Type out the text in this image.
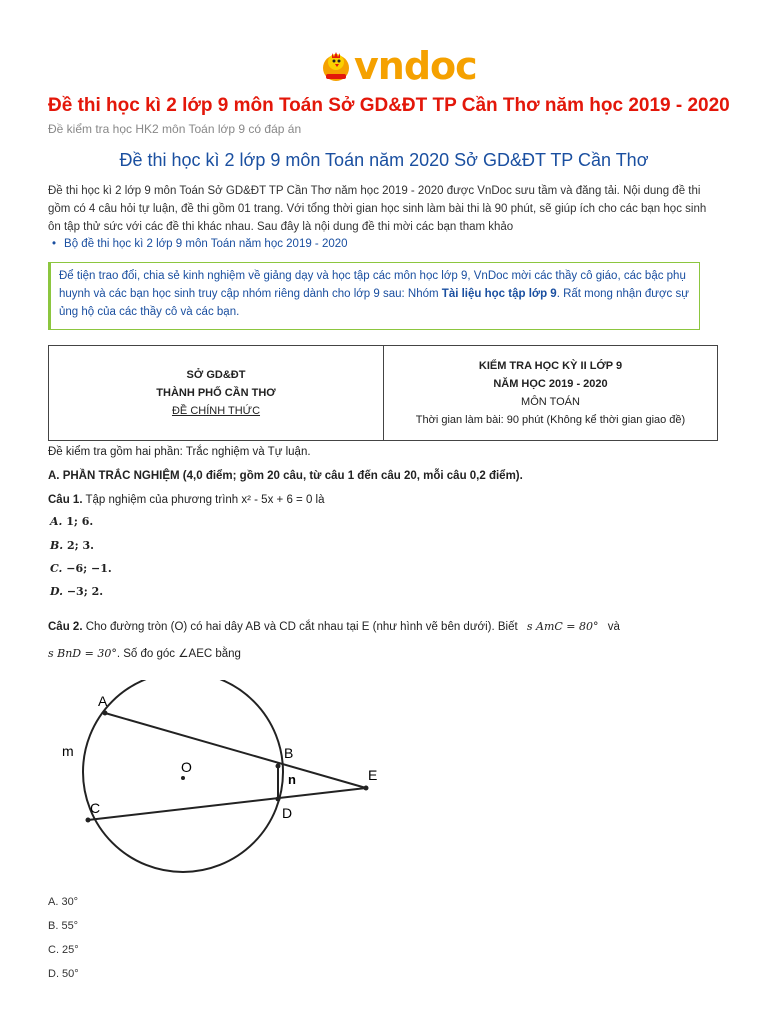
vndoc
Đề thi học kì 2 lớp 9 môn Toán Sở GD&ĐT TP Cần Thơ năm học 2019 - 2020
Đề kiểm tra học HK2 môn Toán lớp 9 có đáp án
Đề thi học kì 2 lớp 9 môn Toán năm 2020 Sở GD&ĐT TP Cần Thơ
Đề thi học kì 2 lớp 9 môn Toán Sở GD&ĐT TP Cần Thơ năm học 2019 - 2020 được VnDoc sưu tầm và đăng tải. Nội dung đề thi gồm có 4 câu hỏi tự luận, đề thi gồm 01 trang. Với tổng thời gian học sinh làm bài thi là 90 phút, sẽ giúp ích cho các bạn học sinh ôn tập thử sức với các đề thi khác nhau. Sau đây là nội dung đề thi mời các bạn tham khảo
• Bộ đề thi học kì 2 lớp 9 môn Toán năm học 2019 - 2020
Để tiện trao đổi, chia sẻ kinh nghiệm về giảng dạy và học tập các môn học lớp 9, VnDoc mời các thầy cô giáo, các bậc phụ huynh và các bạn học sinh truy cập nhóm riêng dành cho lớp 9 sau: Nhóm Tài liệu học tập lớp 9. Rất mong nhận được sự ủng hộ của các thầy cô và các bạn.
SỞ GD&ĐT
THÀNH PHỐ CẦN THƠ
ĐỀ CHÍNH THỨC
KIỂM TRA HỌC KỲ II LỚP 9
NĂM HỌC 2019 - 2020
MÔN TOÁN
Thời gian làm bài: 90 phút (Không kể thời gian giao đề)
Đề kiểm tra gồm hai phần: Trắc nghiệm và Tự luận.
A. PHẦN TRẮC NGHIỆM (4,0 điểm; gồm 20 câu, từ câu 1 đến câu 20, mỗi câu 0,2 điểm).
Câu 1. Tập nghiệm của phương trình x² - 5x + 6 = 0 là
A. 1; 6.
B. 2; 3.
C. −6; −1.
D. −3; 2.
Câu 2. Cho đường tròn (O) có hai dây AB và CD cắt nhau tại E (như hình vẽ bên dưới). Biết s AmC = 80° và
s BnD = 30°. Số đo góc ∠AEC bằng
A
B
C	D
E
O
m
n
A. 30°
B. 55°
C. 25°
D. 50°
